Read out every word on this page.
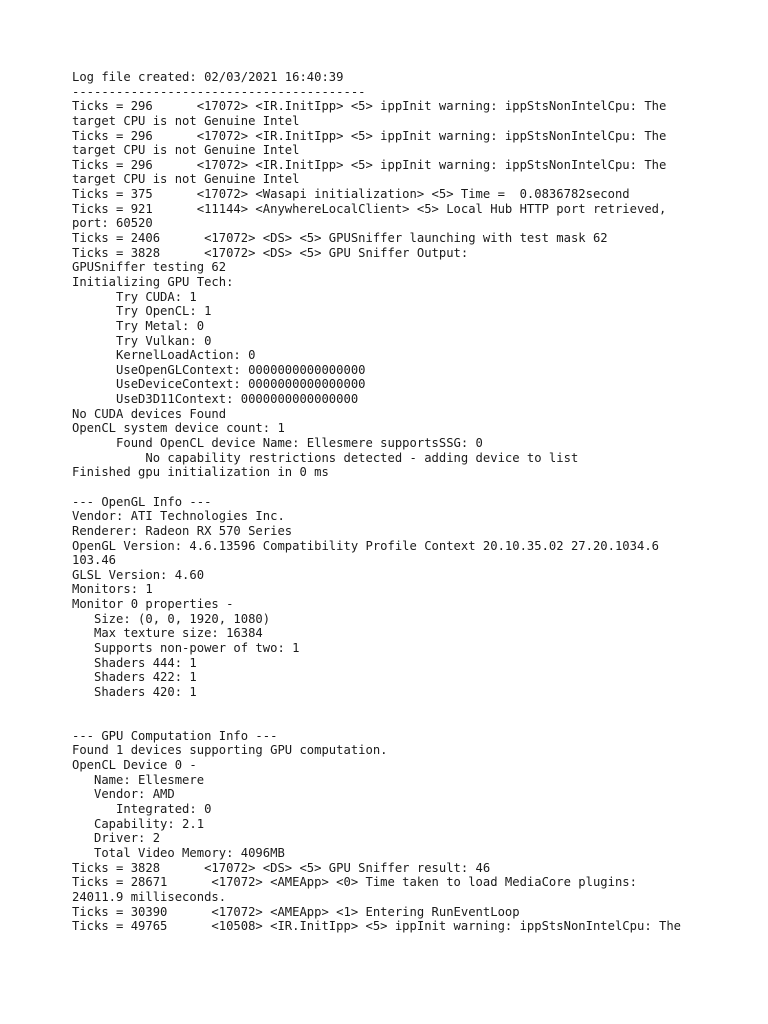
Log file created: 02/03/2021 16:40:39
----------------------------------------
Ticks = 296      <17072> <IR.InitIpp> <5> ippInit warning: ippStsNonIntelCpu: The
target CPU is not Genuine Intel
Ticks = 296      <17072> <IR.InitIpp> <5> ippInit warning: ippStsNonIntelCpu: The
target CPU is not Genuine Intel
Ticks = 296      <17072> <IR.InitIpp> <5> ippInit warning: ippStsNonIntelCpu: The
target CPU is not Genuine Intel
Ticks = 375      <17072> <Wasapi initialization> <5> Time =  0.0836782second
Ticks = 921      <11144> <AnywhereLocalClient> <5> Local Hub HTTP port retrieved,
port: 60520
Ticks = 2406      <17072> <DS> <5> GPUSniffer launching with test mask 62
Ticks = 3828      <17072> <DS> <5> GPU Sniffer Output:
GPUSniffer testing 62
Initializing GPU Tech:
Try CUDA: 1
Try OpenCL: 1
Try Metal: 0
Try Vulkan: 0
KernelLoadAction: 0
UseOpenGLContext: 0000000000000000
UseDeviceContext: 0000000000000000
UseD3D11Context: 0000000000000000
No CUDA devices Found
OpenCL system device count: 1
Found OpenCL device Name: Ellesmere supportsSSG: 0
No capability restrictions detected - adding device to list
Finished gpu initialization in 0 ms
--- OpenGL Info ---
Vendor: ATI Technologies Inc.
Renderer: Radeon RX 570 Series
OpenGL Version: 4.6.13596 Compatibility Profile Context 20.10.35.02 27.20.1034.6
103.46
GLSL Version: 4.60
Monitors: 1
Monitor 0 properties -
Size: (0, 0, 1920, 1080)
Max texture size: 16384
Supports non-power of two: 1
Shaders 444: 1
Shaders 422: 1
Shaders 420: 1
--- GPU Computation Info ---
Found 1 devices supporting GPU computation.
OpenCL Device 0 -
Name: Ellesmere
Vendor: AMD
Integrated: 0
Capability: 2.1
Driver: 2
Total Video Memory: 4096MB
Ticks = 3828      <17072> <DS> <5> GPU Sniffer result: 46
Ticks = 28671      <17072> <AMEApp> <0> Time taken to load MediaCore plugins:
24011.9 milliseconds.
Ticks = 30390      <17072> <AMEApp> <1> Entering RunEventLoop
Ticks = 49765      <10508> <IR.InitIpp> <5> ippInit warning: ippStsNonIntelCpu: The
